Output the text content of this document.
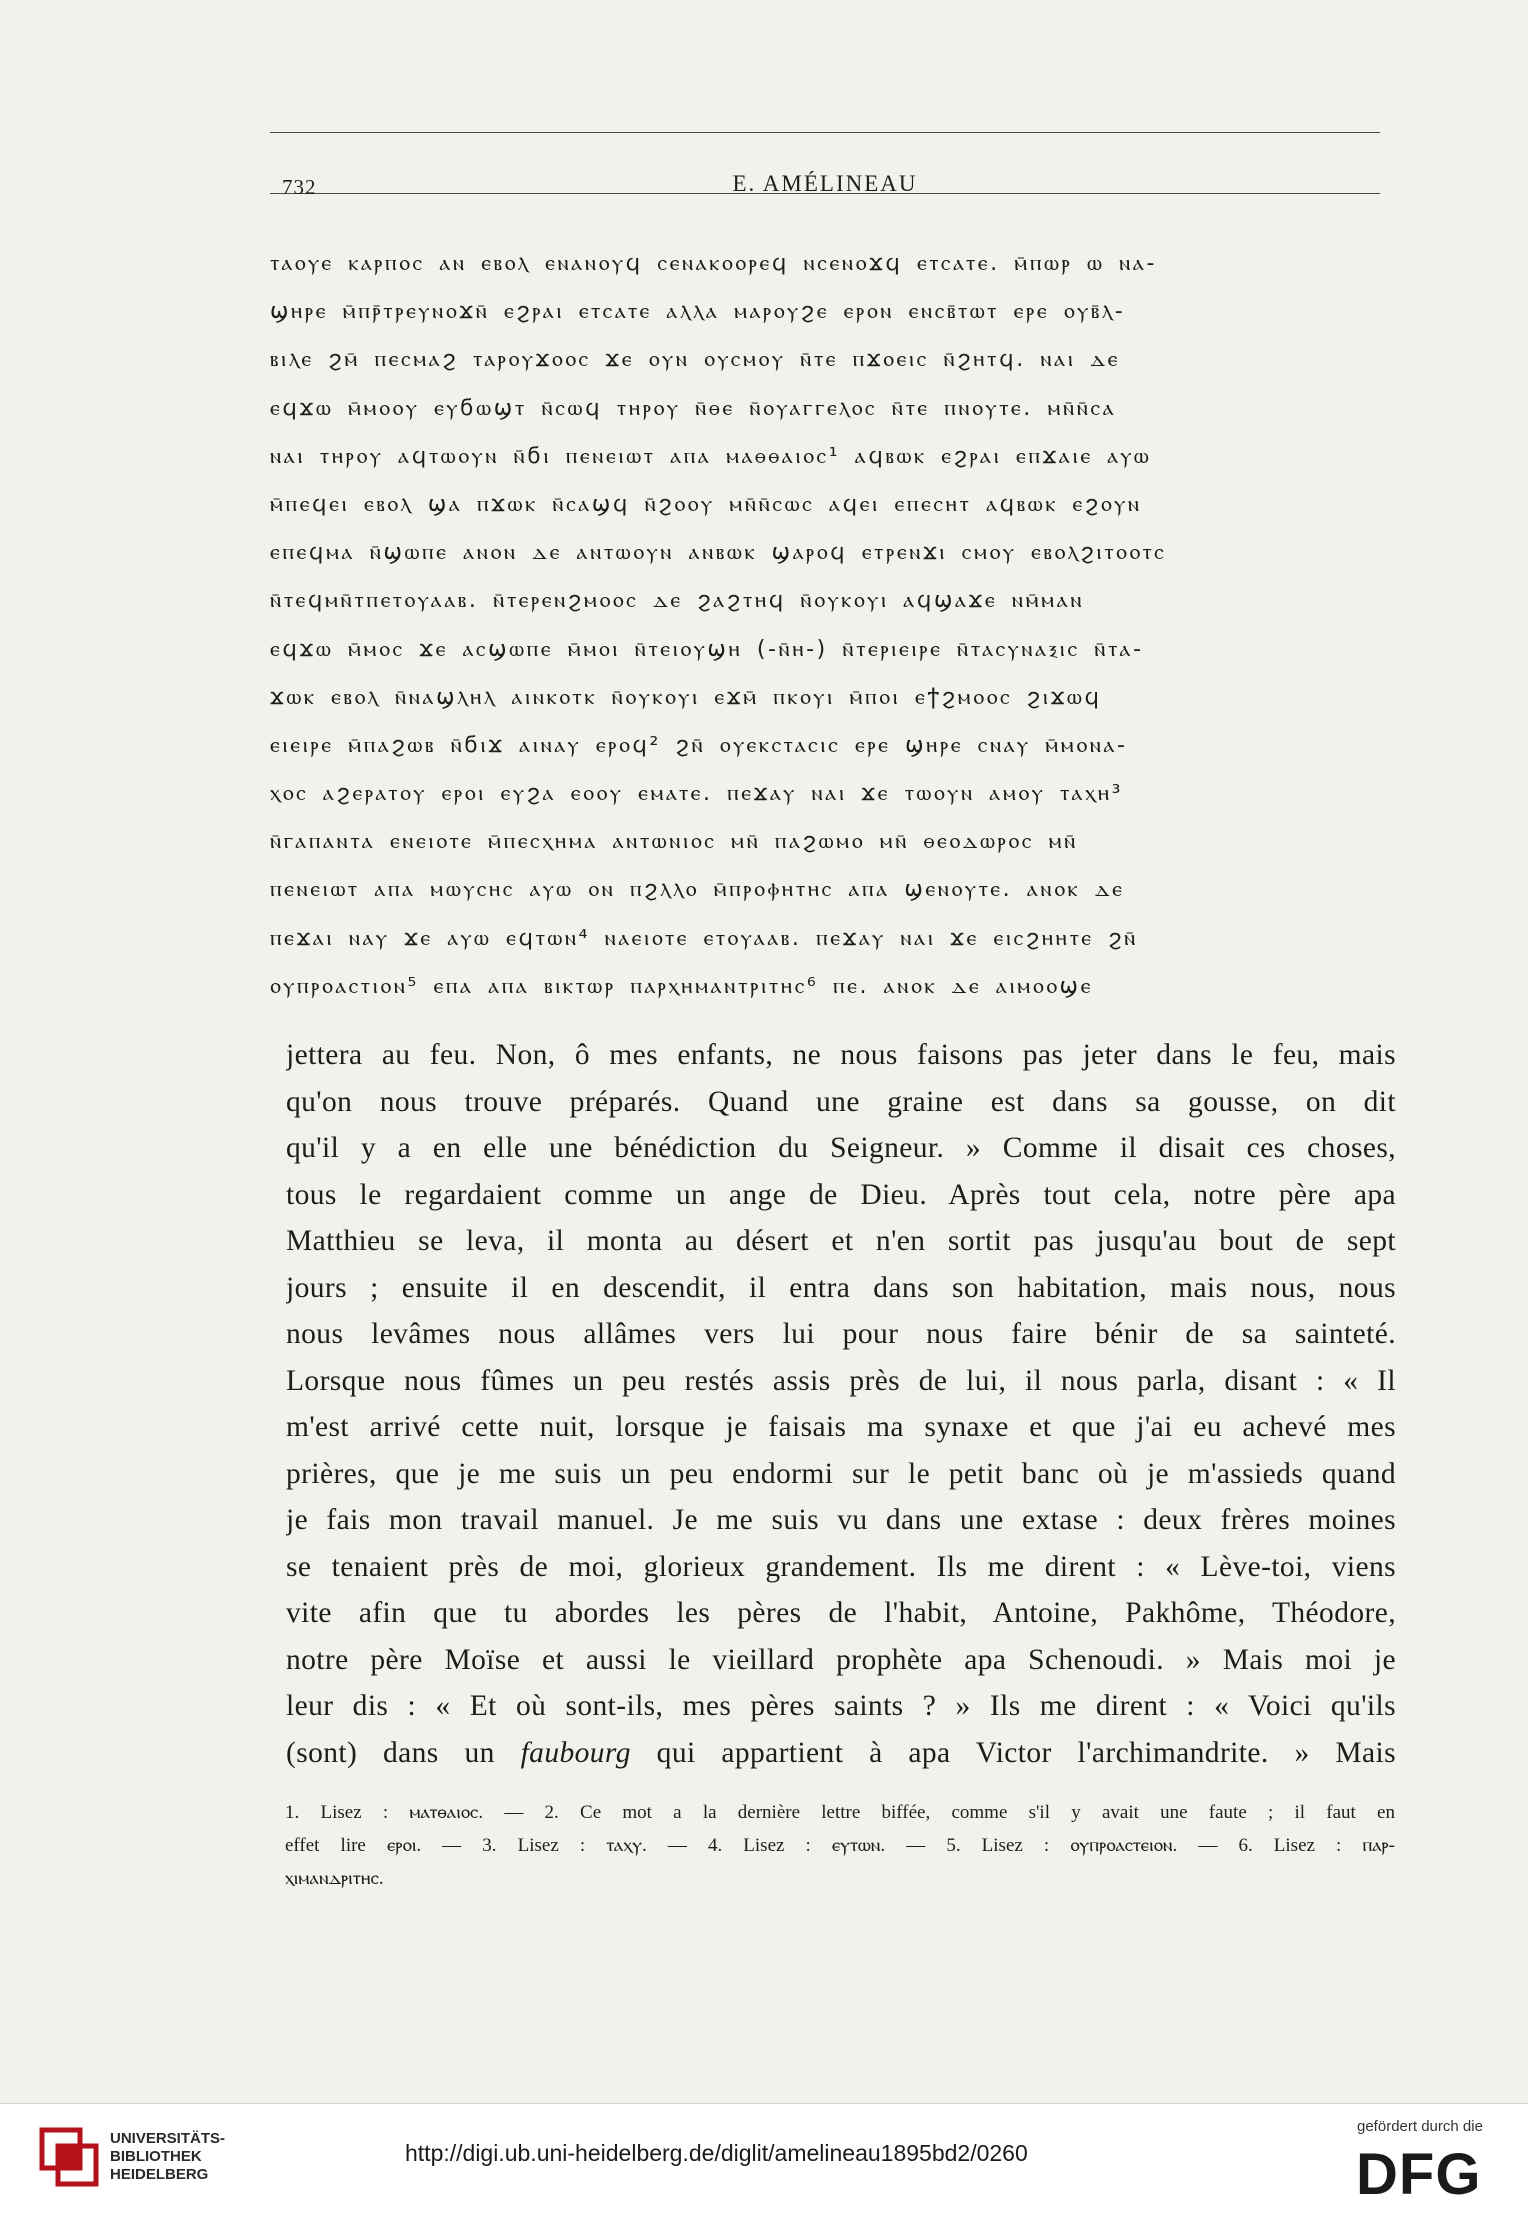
732	E. AMÉLINEAU
ⲧⲁⲟⲩⲉ ⲕⲁⲣⲡⲟⲥ ⲁⲛ ⲉⲃⲟⲗ ⲉⲛⲁⲛⲟⲩϥ ⲥⲉⲛⲁⲕⲟⲟⲣⲉϥ ⲛⲥⲉⲛⲟϫϥ ⲉⲧⲥⲁⲧⲉ. ⲙ̄ⲡⲱⲣ ⲱ ⲛⲁ-
ϣⲏⲣⲉ ⲙ̄ⲡⲣ̄ⲧⲣⲉⲩⲛⲟϫⲛ̄ ⲉϩⲣⲁⲓ ⲉⲧⲥⲁⲧⲉ ⲁⲗⲗⲁ ⲙⲁⲣⲟⲩϩⲉ ⲉⲣⲟⲛ ⲉⲛⲥⲃ̄ⲧⲱⲧ ⲉⲣⲉ ⲟⲩⲃ̄ⲗ-
ⲃⲓⲗⲉ ϩⲙ̄ ⲡⲉⲥⲙⲁϩ ⲧⲁⲣⲟⲩϫⲟⲟⲥ ϫⲉ ⲟⲩⲛ ⲟⲩⲥⲙⲟⲩ ⲛ̄ⲧⲉ ⲡϫⲟⲉⲓⲥ ⲛ̄ϩⲏⲧϥ. ⲛⲁⲓ ⲇⲉ
ⲉϥϫⲱ ⲙ̄ⲙⲟⲟⲩ ⲉⲩϭⲱϣⲧ ⲛ̄ⲥⲱϥ ⲧⲏⲣⲟⲩ ⲛ̄ⲑⲉ ⲛ̄ⲟⲩⲁⲅⲅⲉⲗⲟⲥ ⲛ̄ⲧⲉ ⲡⲛⲟⲩⲧⲉ. ⲙⲛ̄ⲛ̄ⲥⲁ
ⲛⲁⲓ ⲧⲏⲣⲟⲩ ⲁϥⲧⲱⲟⲩⲛ ⲛ̄ϭⲓ ⲡⲉⲛⲉⲓⲱⲧ ⲁⲡⲁ ⲙⲁⲑⲑⲁⲓⲟⲥ¹ ⲁϥⲃⲱⲕ ⲉϩⲣⲁⲓ ⲉⲡϫⲁⲓⲉ ⲁⲩⲱ
ⲙ̄ⲡⲉϥⲉⲓ ⲉⲃⲟⲗ ϣⲁ ⲡϫⲱⲕ ⲛ̄ⲥⲁϣϥ ⲛ̄ϩⲟⲟⲩ ⲙⲛ̄ⲛ̄ⲥⲱⲥ ⲁϥⲉⲓ ⲉⲡⲉⲥⲏⲧ ⲁϥⲃⲱⲕ ⲉϩⲟⲩⲛ
ⲉⲡⲉϥⲙⲁ ⲛ̄ϣⲱⲡⲉ ⲁⲛⲟⲛ ⲇⲉ ⲁⲛⲧⲱⲟⲩⲛ ⲁⲛⲃⲱⲕ ϣⲁⲣⲟϥ ⲉⲧⲣⲉⲛϫⲓ ⲥⲙⲟⲩ ⲉⲃⲟⲗϩⲓⲧⲟⲟⲧⲥ
ⲛ̄ⲧⲉϥⲙⲛ̄ⲧⲡⲉⲧⲟⲩⲁⲁⲃ. ⲛ̄ⲧⲉⲣⲉⲛϩⲙⲟⲟⲥ ⲇⲉ ϩⲁϩⲧⲏϥ ⲛ̄ⲟⲩⲕⲟⲩⲓ ⲁϥϣⲁϫⲉ ⲛⲙ̄ⲙⲁⲛ
ⲉϥϫⲱ ⲙ̄ⲙⲟⲥ ϫⲉ ⲁⲥϣⲱⲡⲉ ⲙ̄ⲙⲟⲓ ⲛ̄ⲧⲉⲓⲟⲩϣⲏ (-ⲛ̄ⲏ-) ⲛ̄ⲧⲉⲣⲓⲉⲓⲣⲉ ⲛ̄ⲧⲁⲥⲩⲛⲁⲝⲓⲥ ⲛ̄ⲧⲁ-
ϫⲱⲕ ⲉⲃⲟⲗ ⲛ̄ⲛⲁϣⲗⲏⲗ ⲁⲓⲛⲕⲟⲧⲕ ⲛ̄ⲟⲩⲕⲟⲩⲓ ⲉϫⲙ̄ ⲡⲕⲟⲩⲓ ⲙ̄ⲡⲟⲓ ⲉϯϩⲙⲟⲟⲥ ϩⲓϫⲱϥ
ⲉⲓⲉⲓⲣⲉ ⲙ̄ⲡⲁϩⲱⲃ ⲛ̄ϭⲓϫ ⲁⲓⲛⲁⲩ ⲉⲣⲟϥ² ϩⲛ̄ ⲟⲩⲉⲕⲥⲧⲁⲥⲓⲥ ⲉⲣⲉ ϣⲏⲣⲉ ⲥⲛⲁⲩ ⲙ̄ⲙⲟⲛⲁ-
ⲭⲟⲥ ⲁϩⲉⲣⲁⲧⲟⲩ ⲉⲣⲟⲓ ⲉⲩϩⲁ ⲉⲟⲟⲩ ⲉⲙⲁⲧⲉ. ⲡⲉϫⲁⲩ ⲛⲁⲓ ϫⲉ ⲧⲱⲟⲩⲛ ⲁⲙⲟⲩ ⲧⲁⲭⲏ³
ⲛ̄ⲅⲁⲡⲁⲛⲧⲁ ⲉⲛⲉⲓⲟⲧⲉ ⲙ̄ⲡⲉⲥⲭⲏⲙⲁ ⲁⲛⲧⲱⲛⲓⲟⲥ ⲙⲛ̄ ⲡⲁϩⲱⲙⲟ ⲙⲛ̄ ⲑⲉⲟⲇⲱⲣⲟⲥ ⲙⲛ̄
ⲡⲉⲛⲉⲓⲱⲧ ⲁⲡⲁ ⲙⲱⲩⲥⲏⲥ ⲁⲩⲱ ⲟⲛ ⲡϩⲗⲗⲟ ⲙ̄ⲡⲣⲟⲫⲏⲧⲏⲥ ⲁⲡⲁ ϣⲉⲛⲟⲩⲧⲉ. ⲁⲛⲟⲕ ⲇⲉ
ⲡⲉϫⲁⲓ ⲛⲁⲩ ϫⲉ ⲁⲩⲱ ⲉϥⲧⲱⲛ⁴ ⲛⲁⲉⲓⲟⲧⲉ ⲉⲧⲟⲩⲁⲁⲃ. ⲡⲉϫⲁⲩ ⲛⲁⲓ ϫⲉ ⲉⲓⲥϩⲏⲏⲧⲉ ϩⲛ̄
ⲟⲩⲡⲣⲟⲁⲥⲧⲓⲟⲛ⁵ ⲉⲡⲁ ⲁⲡⲁ ⲃⲓⲕⲧⲱⲣ ⲡⲁⲣⲭⲏⲙⲁⲛⲧⲣⲓⲧⲏⲥ⁶ ⲡⲉ. ⲁⲛⲟⲕ ⲇⲉ ⲁⲓⲙⲟⲟϣⲉ
jettera au feu. Non, ô mes enfants, ne nous faisons pas jeter dans le feu, mais
qu'on nous trouve préparés. Quand une graine est dans sa gousse, on dit
qu'il y a en elle une bénédiction du Seigneur. » Comme il disait ces choses,
tous le regardaient comme un ange de Dieu. Après tout cela, notre père apa
Matthieu se leva, il monta au désert et n'en sortit pas jusqu'au bout de sept
jours ; ensuite il en descendit, il entra dans son habitation, mais nous, nous
nous levâmes nous allâmes vers lui pour nous faire bénir de sa sainteté.
Lorsque nous fûmes un peu restés assis près de lui, il nous parla, disant : « Il
m'est arrivé cette nuit, lorsque je faisais ma synaxe et que j'ai eu achevé mes
prières, que je me suis un peu endormi sur le petit banc où je m'assieds quand
je fais mon travail manuel. Je me suis vu dans une extase : deux frères moines
se tenaient près de moi, glorieux grandement. Ils me dirent : « Lève-toi, viens
vite afin que tu abordes les pères de l'habit, Antoine, Pakhôme, Théodore,
notre père Moïse et aussi le vieillard prophète apa Schenoudi. » Mais moi je
leur dis : « Et où sont-ils, mes pères saints ? » Ils me dirent : « Voici qu'ils
(sont) dans un faubourg qui appartient à apa Victor l'archimandrite. » Mais
1. Lisez : ⲙⲁⲧⲑⲁⲓⲟⲥ. — 2. Ce mot a la dernière lettre biffée, comme s'il y avait une faute ; il faut en
effet lire ⲉⲣⲟⲓ. — 3. Lisez : ⲧⲁⲭⲩ. — 4. Lisez : ⲉⲩⲧⲱⲛ. — 5. Lisez : ⲟⲩⲡⲣⲟⲁⲥⲧⲉⲓⲟⲛ. — 6. Lisez : ⲡⲁⲣ-
ⲭⲓⲙⲁⲛⲇⲣⲓⲧⲏⲥ.
UNIVERSITÄTS-
BIBLIOTHEK
HEIDELBERG
http://digi.ub.uni-heidelberg.de/diglit/amelineau1895bd2/0260
gefördert durch die
DFG
